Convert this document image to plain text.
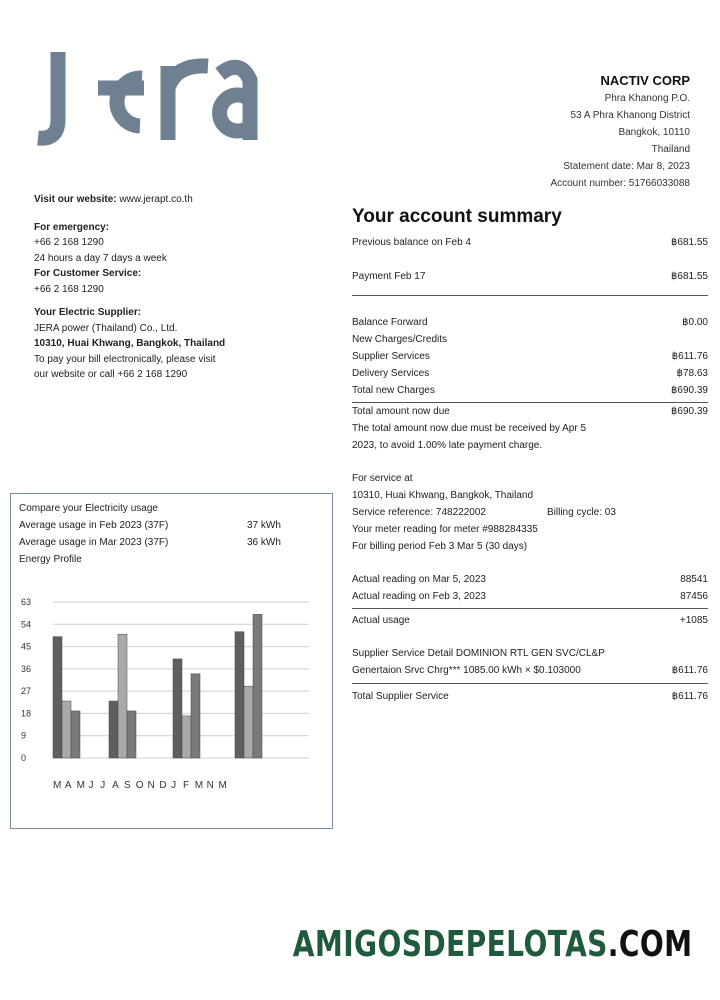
NACTIV CORP
Phra Khanong P.O.
53 A Phra Khanong District
Bangkok, 10110
Thailand
Statement date: Mar 8, 2023
Account number: 51766033088
Visit our website: www.jerapt.co.th
For emergency:
+66 2 168 1290
24 hours a day 7 days a week
For Customer Service:
+66 2 168 1290
Your Electric Supplier:
JERA power (Thailand) Co., Ltd.
10310, Huai Khwang, Bangkok, Thailand
To pay your bill electronically, please visit
our website or call +66 2 168 1290
Your account summary
Previous balance on Feb 4	฿681.55
Payment Feb 17	฿681.55
Balance Forward	฿0.00
New Charges/Credits
Supplier Services	฿611.76
Delivery Services	฿78.63
Total new Charges	฿690.39
Total amount now due	฿690.39
The total amount now due must be received by Apr 5
2023, to avoid 1.00% late payment charge.
For service at
10310, Huai Khwang, Bangkok, Thailand
Service reference: 748222002	Billing cycle: 03
Your meter reading for meter #988284335
For billing period Feb 3 Mar 5 (30 days)
Actual reading on Mar 5, 2023	88541
Actual reading on Feb 3, 2023	87456
Actual usage	+1085
Supplier Service Detail DOMINION RTL GEN SVC/CL&P
Genertaion Srvc Chrg*** 1085.00 kWh × $0.103000	฿611.76
Total Supplier Service	฿611.76
Compare your Electricity usage
Average usage in Feb 2023 (37F)	37 kWh
Average usage in Mar 2023 (37F)	36 kWh
Energy Profile
0
9
18
27
36
45
54
63
M A M J J A S O N D J F M N M
AMIGOSDEPELOTAS.COM
